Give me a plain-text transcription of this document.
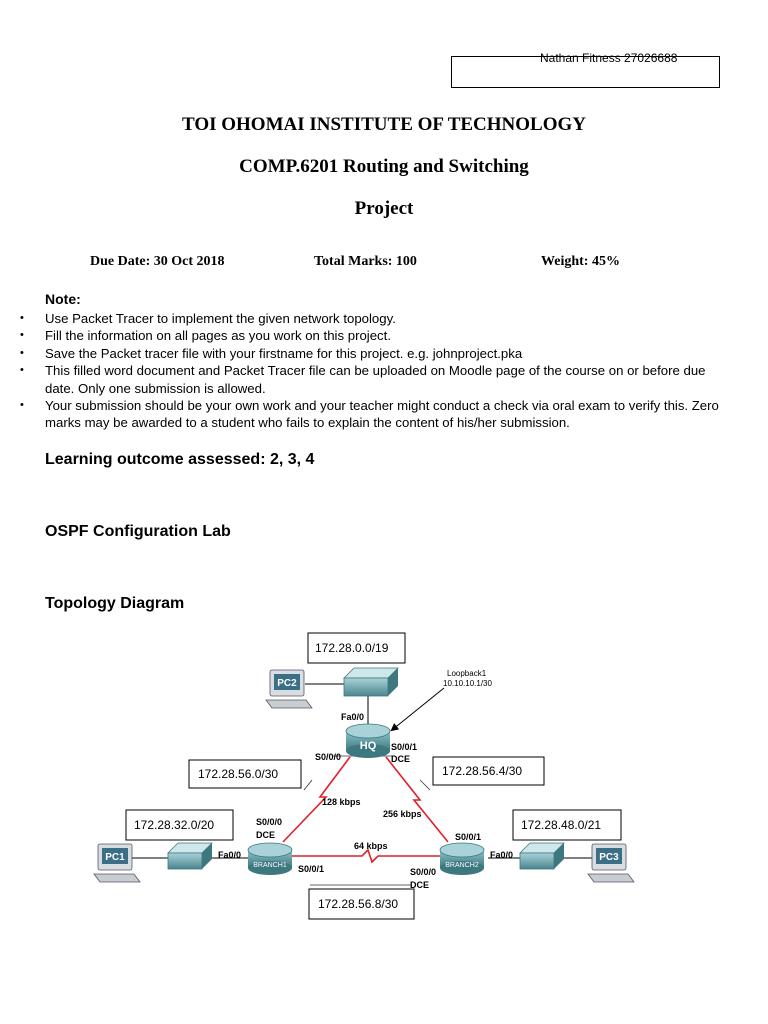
Nathan Fitness 27026688
TOI OHOMAI INSTITUTE OF TECHNOLOGY
COMP.6201 Routing and Switching
Project
Due Date: 30 Oct 2018	Total Marks: 100	Weight: 45%
Note:
• Use Packet Tracer to implement the given network topology.
• Fill the information on all pages as you work on this project.
• Save the Packet tracer file with your firstname for this project. e.g. johnproject.pka
• This filled word document and Packet Tracer file can be uploaded on Moodle page of the course on or before due date. Only one submission is allowed.
• Your submission should be your own work and your teacher might conduct a check via oral exam to verify this. Zero marks may be awarded to a student who fails to explain the content of his/her submission.
Learning outcome assessed: 2, 3, 4
OSPF Configuration Lab
Topology Diagram
HQ
BRANCH1	BRANCH2
PC2
PC1	PC3
Loopback1
10.10.10.1/30
172.28.0.0/19
172.28.56.0/30	172.28.56.4/30
172.28.32.0/20	172.28.48.0/21
172.28.56.8/30
Fa0/0
S0/0/0
S0/0/1
DCE
S0/0/0
DCE
Fa0/0
S0/0/1
S0/0/1
Fa0/0
S0/0/0
DCE
128 kbps
256 kbps
64 kbps
